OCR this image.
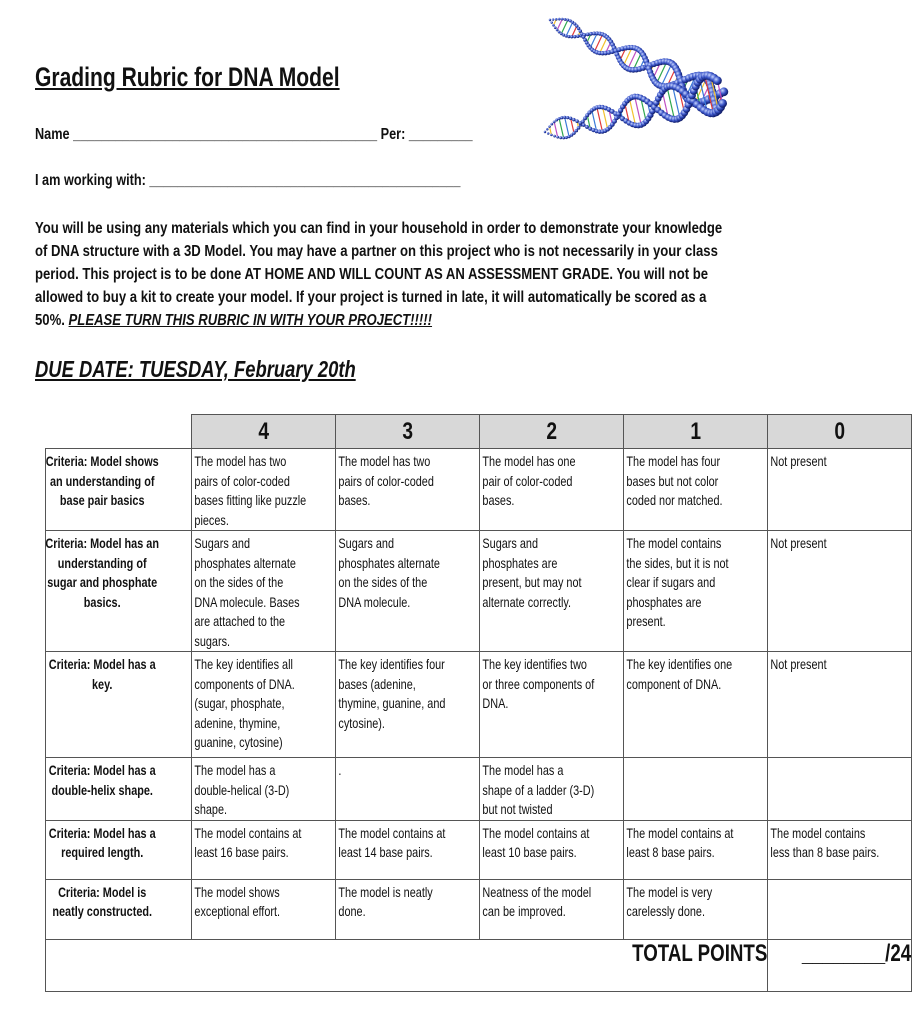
Grading Rubric for DNA Model
Name ___________________________________________ Per: _________
I am working with: ____________________________________________
You will be using any materials which you can find in your household in order to demonstrate your knowledge of DNA structure with a 3D Model. You may have a partner on this project who is not necessarily in your class period. This project is to be done AT HOME AND WILL COUNT AS AN ASSESSMENT GRADE. You will not be allowed to buy a kit to create your model. If your project is turned in late, it will automatically be scored as a 50%. PLEASE TURN THIS RUBRIC IN WITH YOUR PROJECT!!!!!
DUE DATE: TUESDAY, February 20th
	4	3	2	1	0

Criteria: Model shows an understanding of base pair basics	The model has two pairs of color-coded bases fitting like puzzle pieces.	The model has two pairs of color-coded bases.	The model has one pair of color-coded bases.	The model has four bases but not color coded nor matched.	Not present

Criteria: Model has an understanding of sugar and phosphate basics.	Sugars and phosphates alternate on the sides of the DNA molecule. Bases are attached to the sugars.	Sugars and phosphates alternate on the sides of the DNA molecule.	Sugars and phosphates are present, but may not alternate correctly.	The model contains the sides, but it is not clear if sugars and phosphates are present.	Not present

Criteria: Model has a key.	The key identifies all components of DNA. (sugar, phosphate, adenine, thymine, guanine, cytosine)	The key identifies four bases (adenine, thymine, guanine, and cytosine).	The key identifies two or three components of DNA.	The key identifies one component of DNA.	Not present

Criteria: Model has a double-helix shape.	The model has a double-helical (3-D) shape.	.	The model has a shape of a ladder (3-D) but not twisted		

Criteria: Model has a required length.	The model contains at least 16 base pairs.	The model contains at least 14 base pairs.	The model contains at least 10 base pairs.	The model contains at least 8 base pairs.	The model contains less than 8 base pairs.

Criteria: Model is neatly constructed.	The model shows exceptional effort.	The model is neatly done.	Neatness of the model can be improved.	The model is very carelessly done.	

TOTAL POINTS					________/24
